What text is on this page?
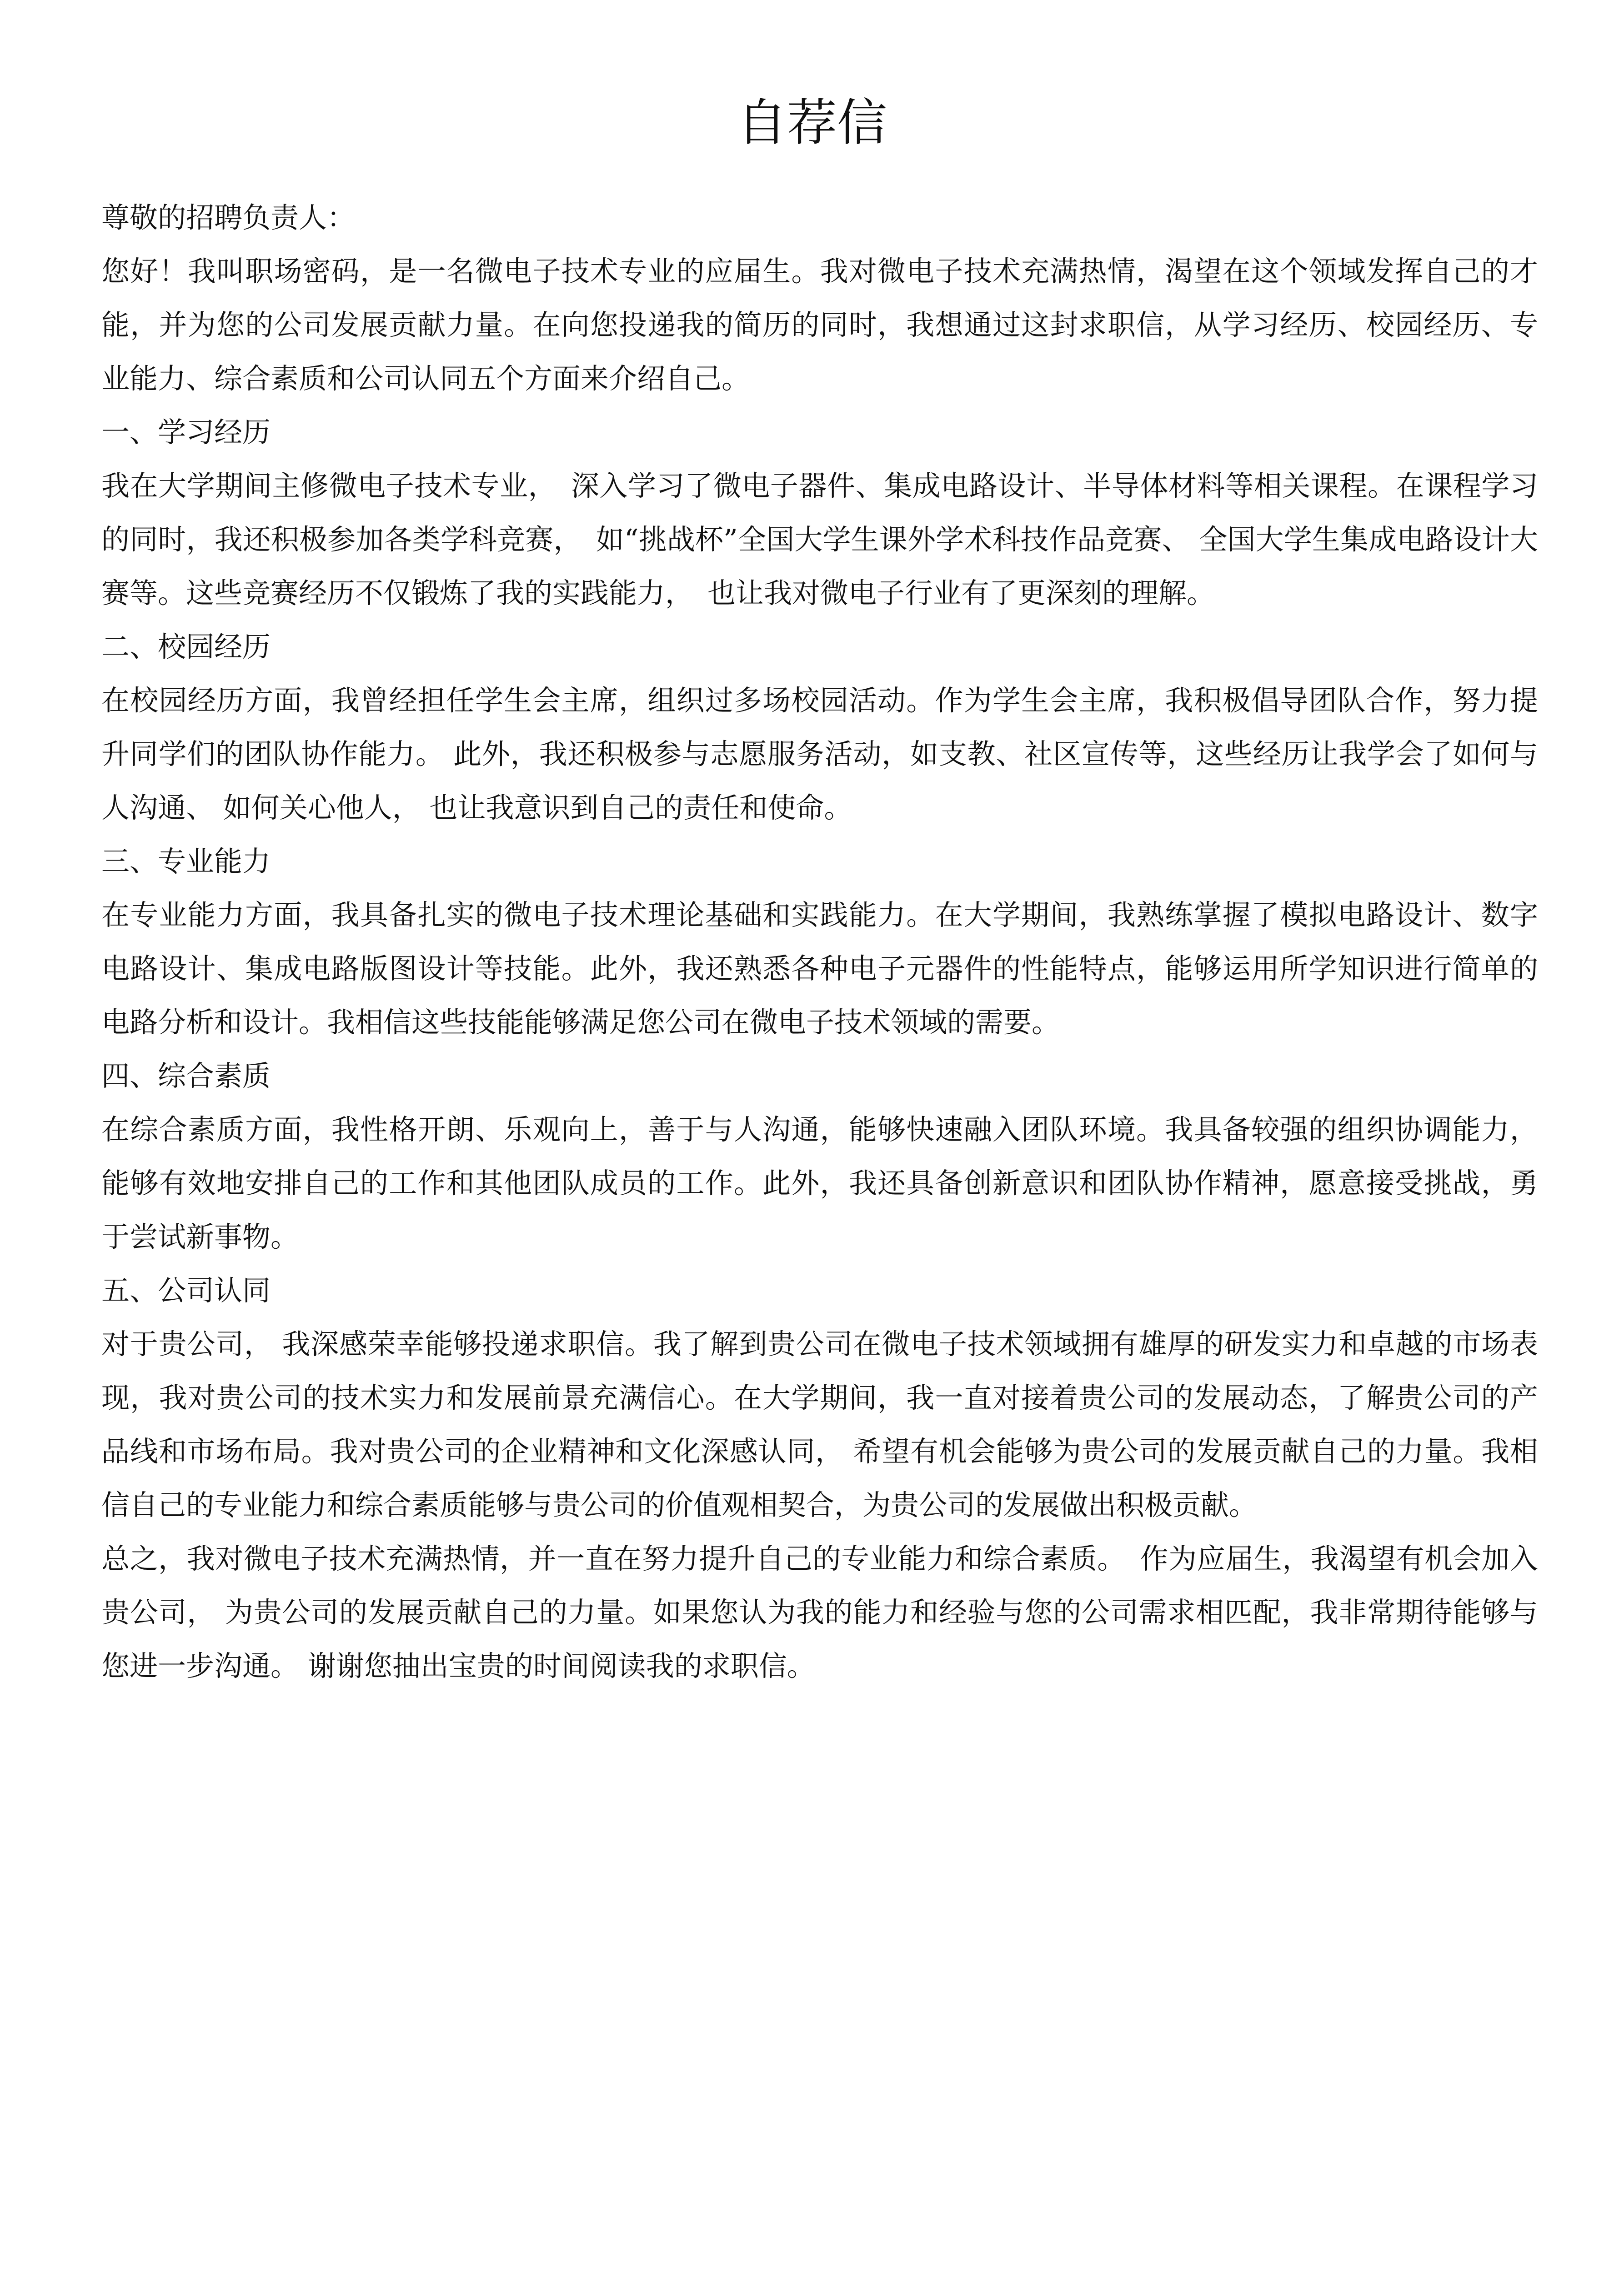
自荐信

尊敬的招聘负责人：

您好！我叫职场密码，是一名微电子技术专业的应届生。我对微电子技术充满热情，渴望在这个领域发挥自己的才能，并为您的公司发展贡献力量。在向您投递我的简历的同时，我想通过这封求职信，从学习经历、校园经历、专业能力、综合素质和公司认同五个方面来介绍自己。

一、学习经历

我在大学期间主修微电子技术专业，　深入学习了微电子器件、集成电路设计、半导体材料等相关课程。在课程学习的同时，我还积极参加各类学科竞赛，　如“挑战杯”全国大学生课外学术科技作品竞赛、 全国大学生集成电路设计大赛等。这些竞赛经历不仅锻炼了我的实践能力，　也让我对微电子行业有了更深刻的理解。

二、校园经历

在校园经历方面，我曾经担任学生会主席，组织过多场校园活动。作为学生会主席，我积极倡导团队合作，努力提升同学们的团队协作能力。 此外，我还积极参与志愿服务活动，如支教、社区宣传等，这些经历让我学会了如何与人沟通、 如何关心他人， 也让我意识到自己的责任和使命。

三、专业能力

在专业能力方面，我具备扎实的微电子技术理论基础和实践能力。在大学期间，我熟练掌握了模拟电路设计、数字电路设计、集成电路版图设计等技能。此外，我还熟悉各种电子元器件的性能特点，能够运用所学知识进行简单的电路分析和设计。我相信这些技能能够满足您公司在微电子技术领域的需要。

四、综合素质

在综合素质方面，我性格开朗、乐观向上，善于与人沟通，能够快速融入团队环境。我具备较强的组织协调能力，能够有效地安排自己的工作和其他团队成员的工作。此外，我还具备创新意识和团队协作精神，愿意接受挑战，勇于尝试新事物。

五、公司认同

对于贵公司， 我深感荣幸能够投递求职信。我了解到贵公司在微电子技术领域拥有雄厚的研发实力和卓越的市场表现，我对贵公司的技术实力和发展前景充满信心。在大学期间，我一直对接着贵公司的发展动态，了解贵公司的产品线和市场布局。我对贵公司的企业精神和文化深感认同， 希望有机会能够为贵公司的发展贡献自己的力量。我相信自己的专业能力和综合素质能够与贵公司的价值观相契合，为贵公司的发展做出积极贡献。

总之，我对微电子技术充满热情，并一直在努力提升自己的专业能力和综合素质。　作为应届生，我渴望有机会加入贵公司， 为贵公司的发展贡献自己的力量。如果您认为我的能力和经验与您的公司需求相匹配，我非常期待能够与您进一步沟通。 谢谢您抽出宝贵的时间阅读我的求职信。
